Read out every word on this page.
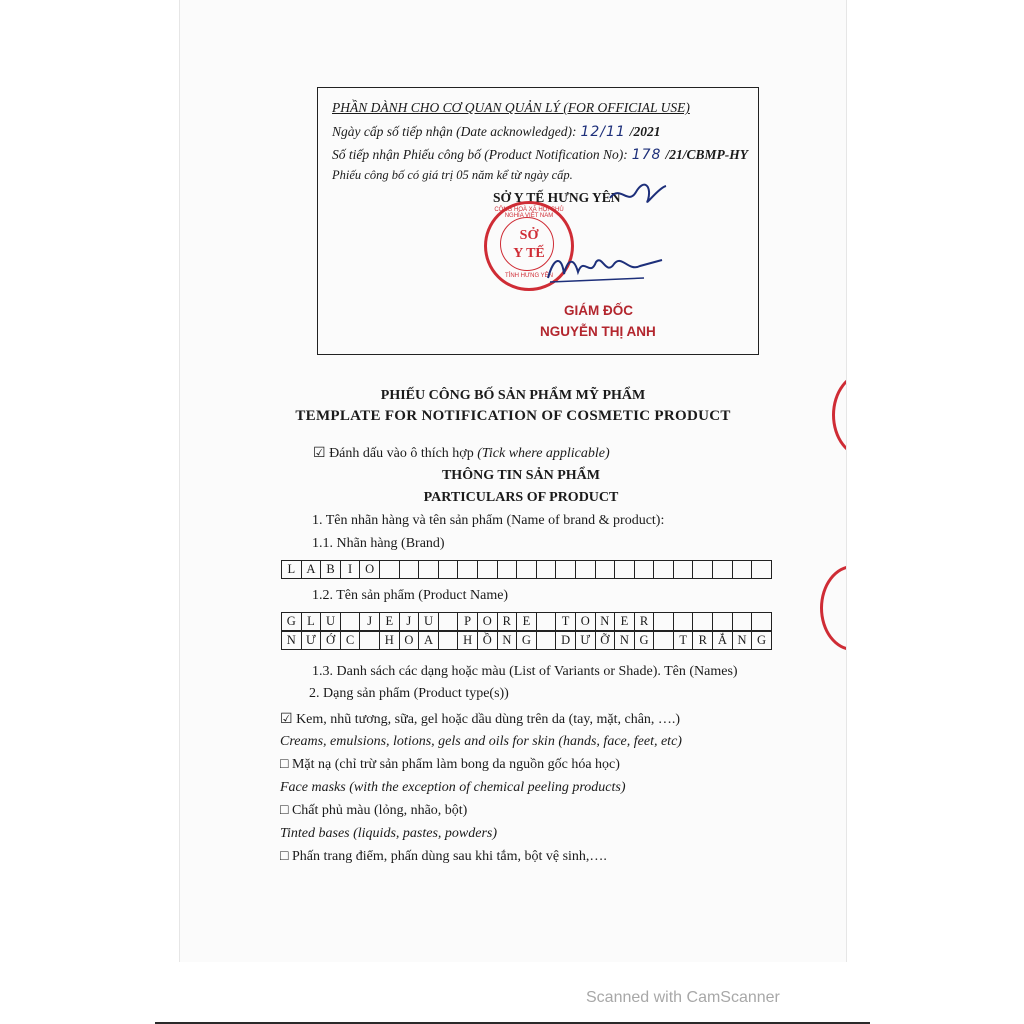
PHẦN DÀNH CHO CƠ QUAN QUẢN LÝ (FOR OFFICIAL USE)
Ngày cấp số tiếp nhận (Date acknowledged): 12/11 /2021
Số tiếp nhận Phiếu công bố (Product Notification No): 178 /21/CBMP-HY
Phiếu công bố có giá trị 05 năm kể từ ngày cấp.
SỞ Y TẾ HƯNG YÊN
CỘNG HOÀ XÃ HỘI CHỦ NGHĨA VIỆT NAM
SỞ
Y TẾ
TỈNH HƯNG YÊN
GIÁM ĐỐC
NGUYỄN THỊ ANH
PHIẾU CÔNG BỐ SẢN PHẨM MỸ PHẨM
TEMPLATE FOR NOTIFICATION OF COSMETIC PRODUCT
☑ Đánh dấu vào ô thích hợp (Tick where applicable)
THÔNG TIN SẢN PHẨM
PARTICULARS OF PRODUCT
1. Tên nhãn hàng và tên sản phẩm (Name of brand & product):
1.1. Nhãn hàng (Brand)
L A B	I	O
1.2. Tên sản phẩm (Product Name)
G L U	J	E	J	U	P O R E	T O N E R
N Ư Ớ C	H O A	H Ồ N G	D Ư Ỡ N G	T R Ắ N G
1.3. Danh sách các dạng hoặc màu (List of Variants or Shade). Tên (Names)
2. Dạng sản phẩm (Product type(s))
☑ Kem, nhũ tương, sữa, gel hoặc dầu dùng trên da (tay, mặt, chân, ….)
Creams, emulsions, lotions, gels and oils for skin (hands, face, feet, etc)
□ Mặt nạ (chỉ trừ sản phẩm làm bong da nguồn gốc hóa học)
Face masks (with the exception of chemical peeling products)
□ Chất phủ màu (lỏng, nhão, bột)
Tinted bases (liquids, pastes, powders)
□ Phấn trang điểm, phấn dùng sau khi tắm, bột vệ sinh,….
Scanned with CamScanner
